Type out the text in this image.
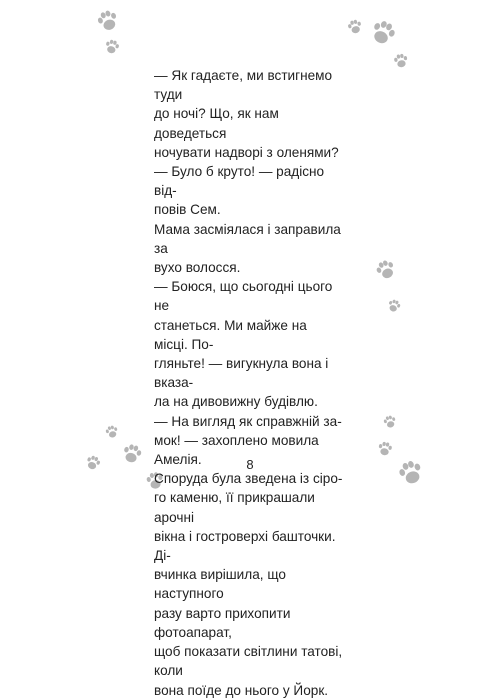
— Як гадаєте, ми встигнемо туди
до ночі? Що, як нам доведеться
ночувати надворі з оленями?

— Було б круто! — радісно від-
повів Сем.

Мама засміялася і заправила за
вухо волосся.

— Боюся, що сьогодні цього не
станеться. Ми майже на місці. По-
гляньте! — вигукнула вона і вказа-
ла на дивовижну будівлю.

— На вигляд як справжній за-
мок! — захоплено мовила Амелія.

Споруда була зведена із сіро-
го каменю, її прикрашали арочні
вікна і гостроверхі башточки. Ді-
вчинка вирішила, що наступного
разу варто прихопити фотоапарат,
щоб показати світлини татові, коли
вона поїде до нього у Йорк.

8
